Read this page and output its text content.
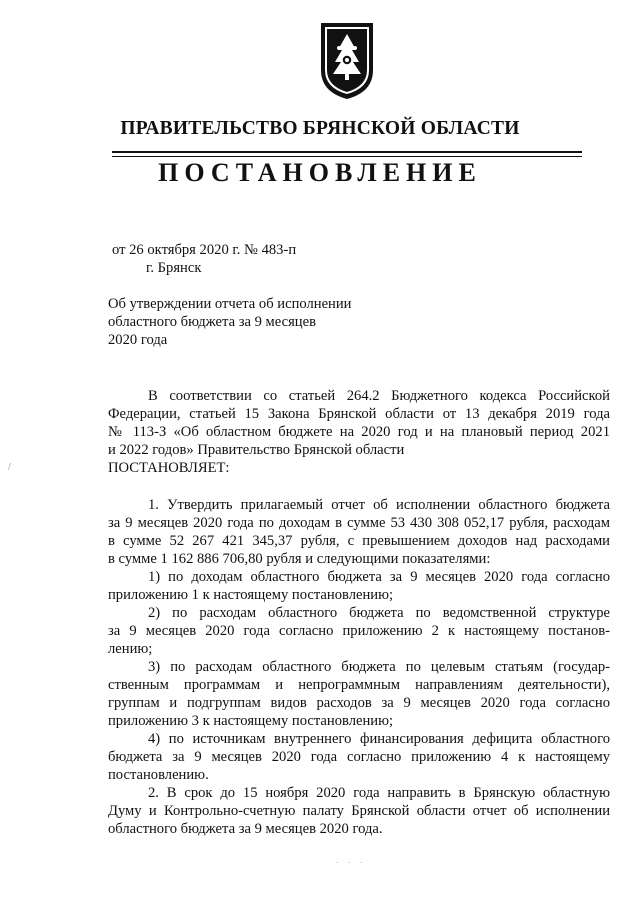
ПРАВИТЕЛЬСТВО БРЯНСКОЙ ОБЛАСТИ
ПОСТАНОВЛЕНИЕ
от 26 октября 2020 г. № 483-п
г. Брянск
Об утверждении отчета об исполнении
областного бюджета за 9 месяцев
2020 года
В соответствии со статьей 264.2 Бюджетного кодекса Российской
Федерации, статьей 15 Закона Брянской области от 13 декабря 2019 года
№ 113-З «Об областном бюджете на 2020 год и на плановый период 2021
и 2022 годов» Правительство Брянской области
ПОСТАНОВЛЯЕТ:
1. Утвердить прилагаемый отчет об исполнении областного бюджета
за 9 месяцев 2020 года по доходам в сумме 53 430 308 052,17 рубля, расходам
в сумме 52 267 421 345,37 рубля, с превышением доходов над расходами
в сумме 1 162 886 706,80 рубля и следующими показателями:
1) по доходам областного бюджета за 9 месяцев 2020 года согласно
приложению 1 к настоящему постановлению;
2) по расходам областного бюджета по ведомственной структуре
за 9 месяцев 2020 года согласно приложению 2 к настоящему постанов-
лению;
3) по расходам областного бюджета по целевым статьям (государ-
ственным программам и непрограммным направлениям деятельности),
группам и подгруппам видов расходов за 9 месяцев 2020 года согласно
приложению 3 к настоящему постановлению;
4) по источникам внутреннего финансирования дефицита областного
бюджета за 9 месяцев 2020 года согласно приложению 4 к настоящему
постановлению.
2. В срок до 15 ноября 2020 года направить в Брянскую областную
Думу и Контрольно-счетную палату Брянской области отчет об исполнении
областного бюджета за 9 месяцев 2020 года.
/
. . .
